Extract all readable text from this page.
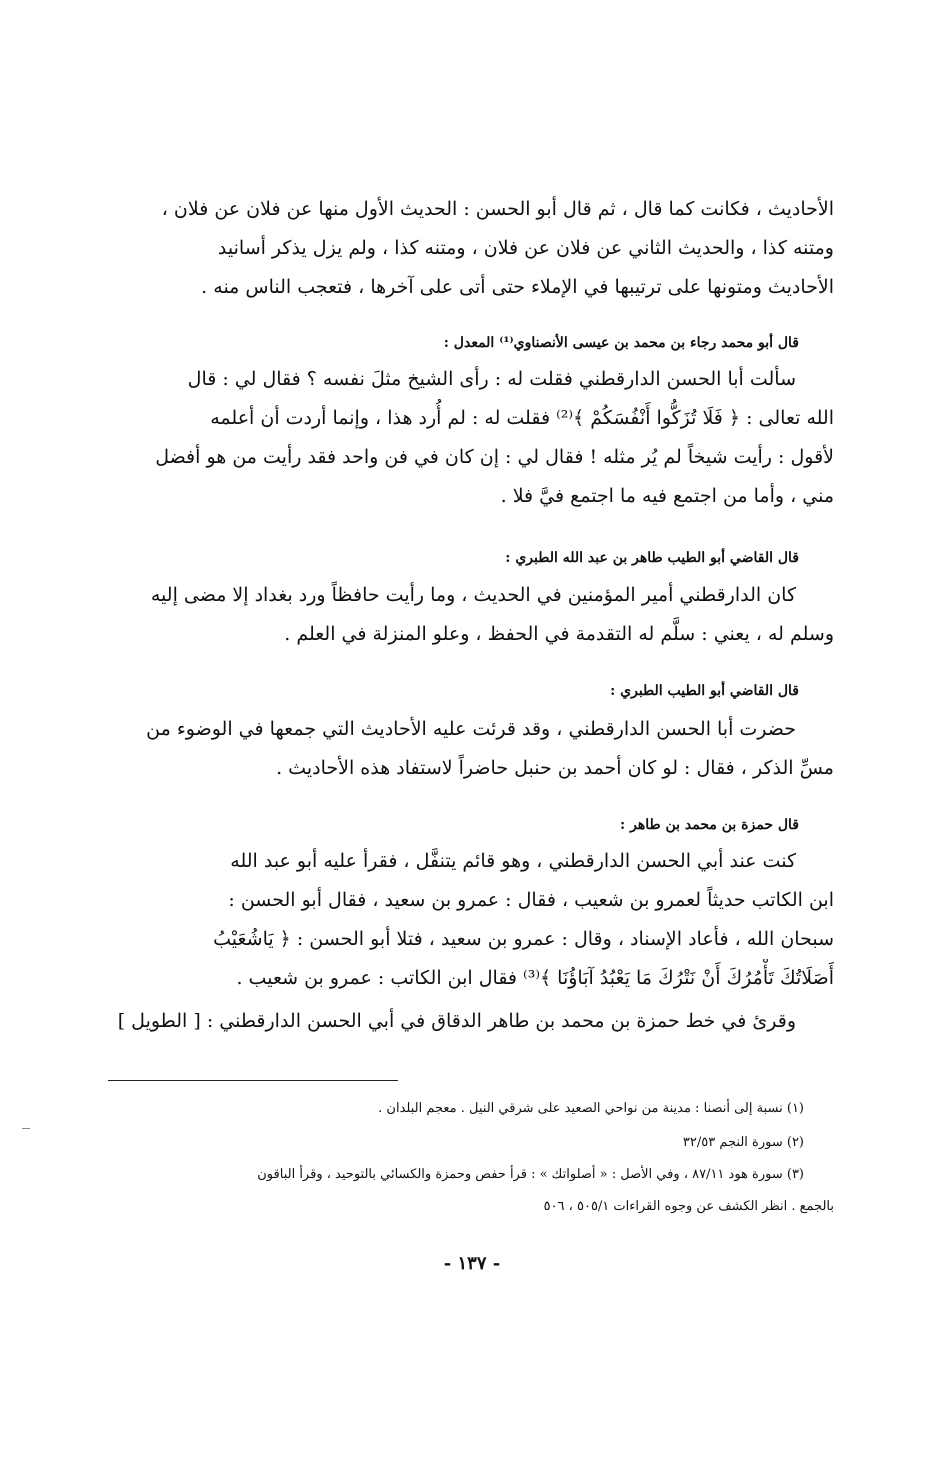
الأحاديث ، فكانت كما قال ، ثم قال أبو الحسن : الحديث الأول منها عن فلان عن فلان ،
ومتنه كذا ، والحديث الثاني عن فلان عن فلان ، ومتنه كذا ، ولم يزل يذكر أسانيد
الأحاديث ومتونها على ترتيبها في الإملاء حتى أتى على آخرها ، فتعجب الناس منه .
قال أبو محمد رجاء بن محمد بن عيسى الأنصناوي⁽¹⁾ المعدل :
سألت أبا الحسن الدارقطني فقلت له : رأى الشيخ مثلَ نفسه ؟ فقال لي : قال
الله تعالى : ﴿ فَلَا تُزَكُّوا أَنْفُسَكُمْ ﴾⁽²⁾ فقلت له : لم أُرد هذا ، وإنما أردت أن أعلمه
لأقول : رأيت شيخاً لم يُر مثله ! فقال لي : إن كان في فن واحد فقد رأيت من هو أفضل
مني ، وأما من اجتمع فيه ما اجتمع فيَّ فلا .
قال القاضي أبو الطيب طاهر بن عبد الله الطبري :
كان الدارقطني أمير المؤمنين في الحديث ، وما رأيت حافظاً ورد بغداد إلا مضى إليه
وسلم له ، يعني : سلَّم له التقدمة في الحفظ ، وعلو المنزلة في العلم .
قال القاضي أبو الطيب الطبري :
حضرت أبا الحسن الدارقطني ، وقد قرئت عليه الأحاديث التي جمعها في الوضوء من
مسِّ الذكر ، فقال : لو كان أحمد بن حنبل حاضراً لاستفاد هذه الأحاديث .
قال حمزة بن محمد بن طاهر :
كنت عند أبي الحسن الدارقطني ، وهو قائم يتنفَّل ، فقرأ عليه أبو عبد الله
ابن الكاتب حديثاً لعمرو بن شعيب ، فقال : عمرو بن سعيد ، فقال أبو الحسن :
سبحان الله ، فأعاد الإسناد ، وقال : عمرو بن سعيد ، فتلا أبو الحسن : ﴿ يَاشُعَيْبُ
أَصَلَاتُكَ تَأْمُرُكَ أَنْ نَتْرُكَ مَا يَعْبُدُ آبَاؤُنَا ﴾⁽³⁾ فقال ابن الكاتب : عمرو بن شعيب .
وقرئ في خط حمزة بن محمد بن طاهر الدقاق في أبي الحسن الدارقطني : [ الطويل ]
(١) نسبة إلى أنصنا : مدينة من نواحي الصعيد على شرقي النيل . معجم البلدان .
(٢) سورة النجم ٣٢/٥٣
(٣) سورة هود ٨٧/١١ ، وفي الأصل : « أصلواتك » : قرأ حفص وحمزة والكسائي بالتوحيد ، وقرأ الباقون
بالجمع . انظر الكشف عن وجوه القراءات ٥٠٥/١ ، ٥٠٦
- ١٣٧ -
